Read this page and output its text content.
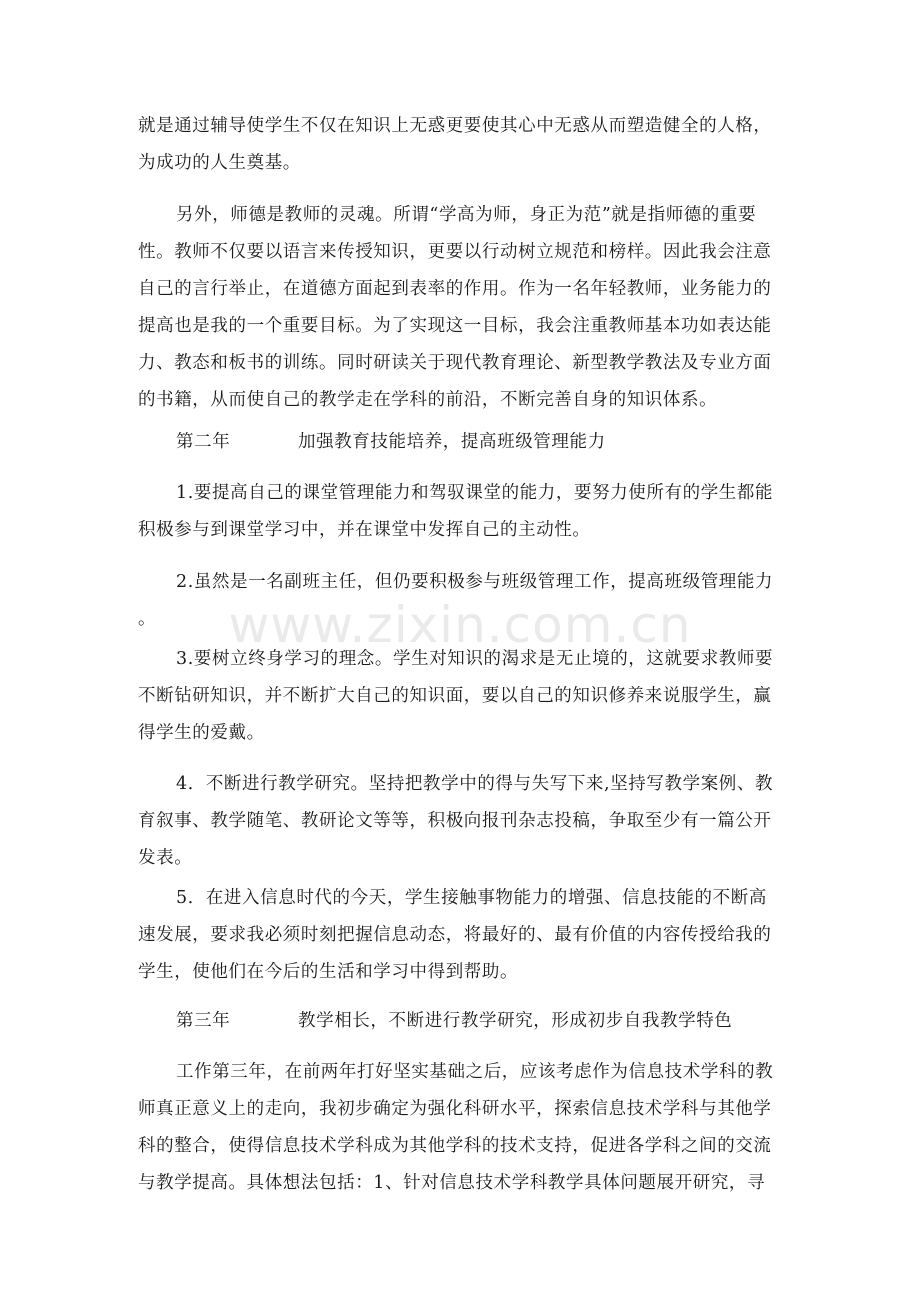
就是通过辅导使学生不仅在知识上无惑更要使其心中无惑从而塑造健全的人格，
为成功的人生奠基。
另外，师德是教师的灵魂。所谓“学高为师，身正为范”就是指师德的重要
性。教师不仅要以语言来传授知识，更要以行动树立规范和榜样。因此我会注意
自己的言行举止，在道德方面起到表率的作用。作为一名年轻教师，业务能力的
提高也是我的一个重要目标。为了实现这一目标，我会注重教师基本功如表达能
力、教态和板书的训练。同时研读关于现代教育理论、新型教学教法及专业方面
的书籍，从而使自己的教学走在学科的前沿，不断完善自身的知识体系。
第二年	加强教育技能培养，提高班级管理能力
1.要提高自己的课堂管理能力和驾驭课堂的能力，要努力使所有的学生都能
积极参与到课堂学习中，并在课堂中发挥自己的主动性。
2.虽然是一名副班主任，但仍要积极参与班级管理工作，提高班级管理能力
。
3.要树立终身学习的理念。学生对知识的渴求是无止境的，这就要求教师要
不断钻研知识，并不断扩大自己的知识面，要以自己的知识修养来说服学生，赢
得学生的爱戴。
4．不断进行教学研究。坚持把教学中的得与失写下来,坚持写教学案例、教
育叙事、教学随笔、教研论文等等，积极向报刊杂志投稿，争取至少有一篇公开
发表。
5．在进入信息时代的今天，学生接触事物能力的增强、信息技能的不断高
速发展，要求我必须时刻把握信息动态，将最好的、最有价值的内容传授给我的
学生，使他们在今后的生活和学习中得到帮助。
第三年	教学相长，不断进行教学研究，形成初步自我教学特色
工作第三年，在前两年打好坚实基础之后，应该考虑作为信息技术学科的教
师真正意义上的走向，我初步确定为强化科研水平，探索信息技术学科与其他学
科的整合，使得信息技术学科成为其他学科的技术支持，促进各学科之间的交流
与教学提高。具体想法包括：1、针对信息技术学科教学具体问题展开研究，寻
www.zixin.com.cn
